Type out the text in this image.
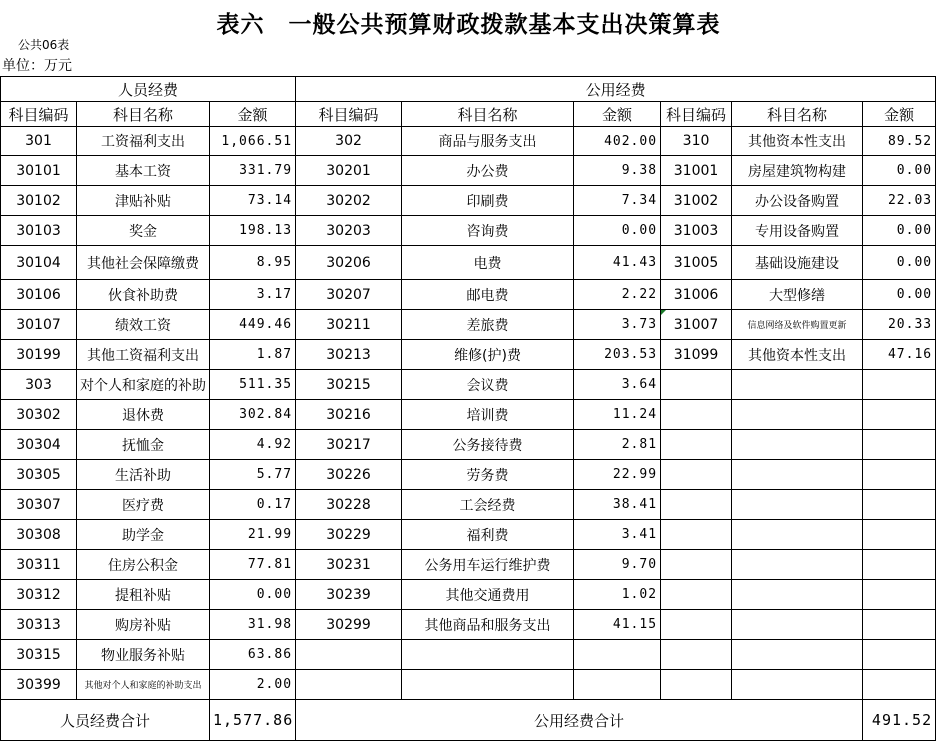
表六　一般公共预算财政拨款基本支出决策算表
公共06表
单位：万元
人员经费			公用经费					
科目编码	科目名称	金额	科目编码	科目名称	金额	科目编码	科目名称	金额
301	工资福利支出	1,066.51	302	商品与服务支出	402.00	310	其他资本性支出	89.52
30101	基本工资	331.79	30201	办公费	9.38	31001	房屋建筑物构建	0.00
30102	津贴补贴	73.14	30202	印刷费	7.34	31002	办公设备购置	22.03
30103	奖金	198.13	30203	咨询费	0.00	31003	专用设备购置	0.00
30104	其他社会保障缴费	8.95	30206	电费	41.43	31005	基础设施建设	0.00
30106	伙食补助费	3.17	30207	邮电费	2.22	31006	大型修缮	0.00
30107	绩效工资	449.46	30211	差旅费	3.73	31007	信息网络及软件购置更新	20.33
30199	其他工资福利支出	1.87	30213	维修(护)费	203.53	31099	其他资本性支出	47.16
303	对个人和家庭的补助	511.35	30215	会议费	3.64			
30302	退休费	302.84	30216	培训费	11.24			
30304	抚恤金	4.92	30217	公务接待费	2.81			
30305	生活补助	5.77	30226	劳务费	22.99			
30307	医疗费	0.17	30228	工会经费	38.41			
30308	助学金	21.99	30229	福利费	3.41			
30311	住房公积金	77.81	30231	公务用车运行维护费	9.70			
30312	提租补贴	0.00	30239	其他交通费用	1.02			
30313	购房补贴	31.98	30299	其他商品和服务支出	41.15			
30315	物业服务补贴	63.86						
30399	其他对个人和家庭的补助支出	2.00						
人员经费合计		1,577.86	公用经费合计					491.52
